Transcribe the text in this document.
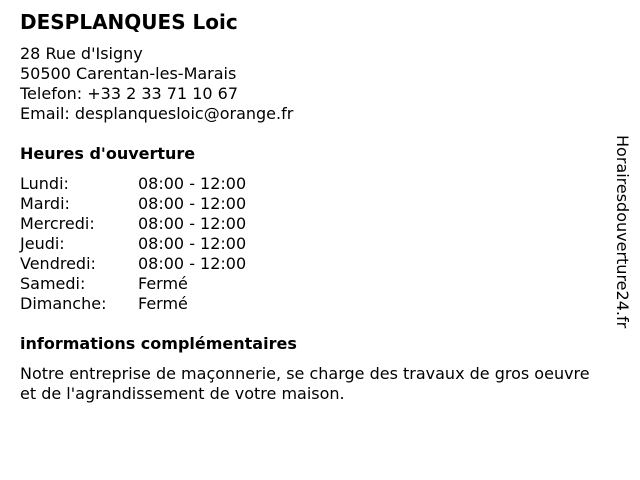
DESPLANQUES Loic
28 Rue d'Isigny
50500 Carentan-les-Marais
Telefon: +33 2 33 71 10 67
Email: desplanquesloic@orange.fr
Heures d'ouverture
Lundi:	08:00 - 12:00
Mardi:	08:00 - 12:00
Mercredi:	08:00 - 12:00
Jeudi:	08:00 - 12:00
Vendredi:	08:00 - 12:00
Samedi:	Fermé
Dimanche:	Fermé
informations complémentaires
Notre entreprise de maçonnerie, se charge des travaux de gros oeuvre et de l'agrandissement de votre maison.
Horairesdouverture24.fr
